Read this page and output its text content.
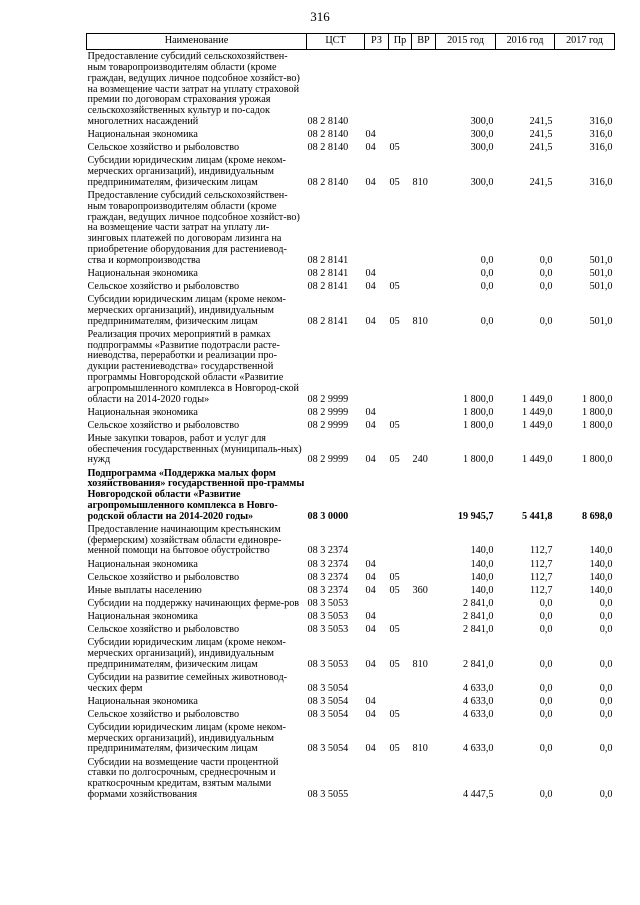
316
Наименование	ЦСТ	РЗ	Пр	ВР	2015 год	2016 год	2017 год
Предоставление субсидий сельскохозяйствен-ным товаропроизводителям области (кроме граждан, ведущих личное подсобное хозяйст-во) на возмещение части затрат на уплату страховой премии по договорам страхования урожая сельскохозяйственных культур и по-садок многолетних насаждений	08 2 8140				300,0	241,5	316,0
Национальная экономика	08 2 8140	04			300,0	241,5	316,0
Сельское хозяйство и рыболовство	08 2 8140	04	05		300,0	241,5	316,0
Субсидии юридическим лицам (кроме неком-мерческих организаций), индивидуальным предпринимателям, физическим лицам	08 2 8140	04	05	810	300,0	241,5	316,0
Предоставление субсидий сельскохозяйствен-ным товаропроизводителям области (кроме граждан, ведущих личное подсобное хозяйст-во) на возмещение части затрат на уплату ли-зинговых платежей по договорам лизинга на приобретение оборудования для растениевод-ства и кормопроизводства	08 2 8141				0,0	0,0	501,0
Национальная экономика	08 2 8141	04			0,0	0,0	501,0
Сельское хозяйство и рыболовство	08 2 8141	04	05		0,0	0,0	501,0
Субсидии юридическим лицам (кроме неком-мерческих организаций), индивидуальным предпринимателям, физическим лицам	08 2 8141	04	05	810	0,0	0,0	501,0
Реализация прочих мероприятий в рамках подпрограммы «Развитие подотрасли расте-ниеводства, переработки и реализации про-дукции растениеводства» государственной программы Новгородской области «Развитие агропромышленного комплекса в Новгород-ской области на 2014-2020 годы»	08 2 9999				1 800,0	1 449,0	1 800,0
Национальная экономика	08 2 9999	04			1 800,0	1 449,0	1 800,0
Сельское хозяйство и рыболовство	08 2 9999	04	05		1 800,0	1 449,0	1 800,0
Иные закупки товаров, работ и услуг для обеспечения государственных (муниципаль-ных) нужд	08 2 9999	04	05	240	1 800,0	1 449,0	1 800,0
Подпрограмма «Поддержка малых форм хозяйствования» государственной про-граммы Новгородской области «Развитие агропромышленного комплекса в Новго-родской области на 2014-2020 годы»	08 3 0000				19 945,7	5 441,8	8 698,0
Предоставление начинающим крестьянским (фермерским) хозяйствам области единовре-менной помощи на бытовое обустройство	08 3 2374				140,0	112,7	140,0
Национальная экономика	08 3 2374	04			140,0	112,7	140,0
Сельское хозяйство и рыболовство	08 3 2374	04	05		140,0	112,7	140,0
Иные выплаты населению	08 3 2374	04	05	360	140,0	112,7	140,0
Субсидии на поддержку начинающих ферме-ров	08 3 5053				2 841,0	0,0	0,0
Национальная экономика	08 3 5053	04			2 841,0	0,0	0,0
Сельское хозяйство и рыболовство	08 3 5053	04	05		2 841,0	0,0	0,0
Субсидии юридическим лицам (кроме неком-мерческих организаций), индивидуальным предпринимателям, физическим лицам	08 3 5053	04	05	810	2 841,0	0,0	0,0
Субсидии на развитие семейных животновод-ческих ферм	08 3 5054				4 633,0	0,0	0,0
Национальная экономика	08 3 5054	04			4 633,0	0,0	0,0
Сельское хозяйство и рыболовство	08 3 5054	04	05		4 633,0	0,0	0,0
Субсидии юридическим лицам (кроме неком-мерческих организаций), индивидуальным предпринимателям, физическим лицам	08 3 5054	04	05	810	4 633,0	0,0	0,0
Субсидии на возмещение части процентной ставки по долгосрочным, среднесрочным и краткосрочным кредитам, взятым малыми формами хозяйствования	08 3 5055				4 447,5	0,0	0,0
